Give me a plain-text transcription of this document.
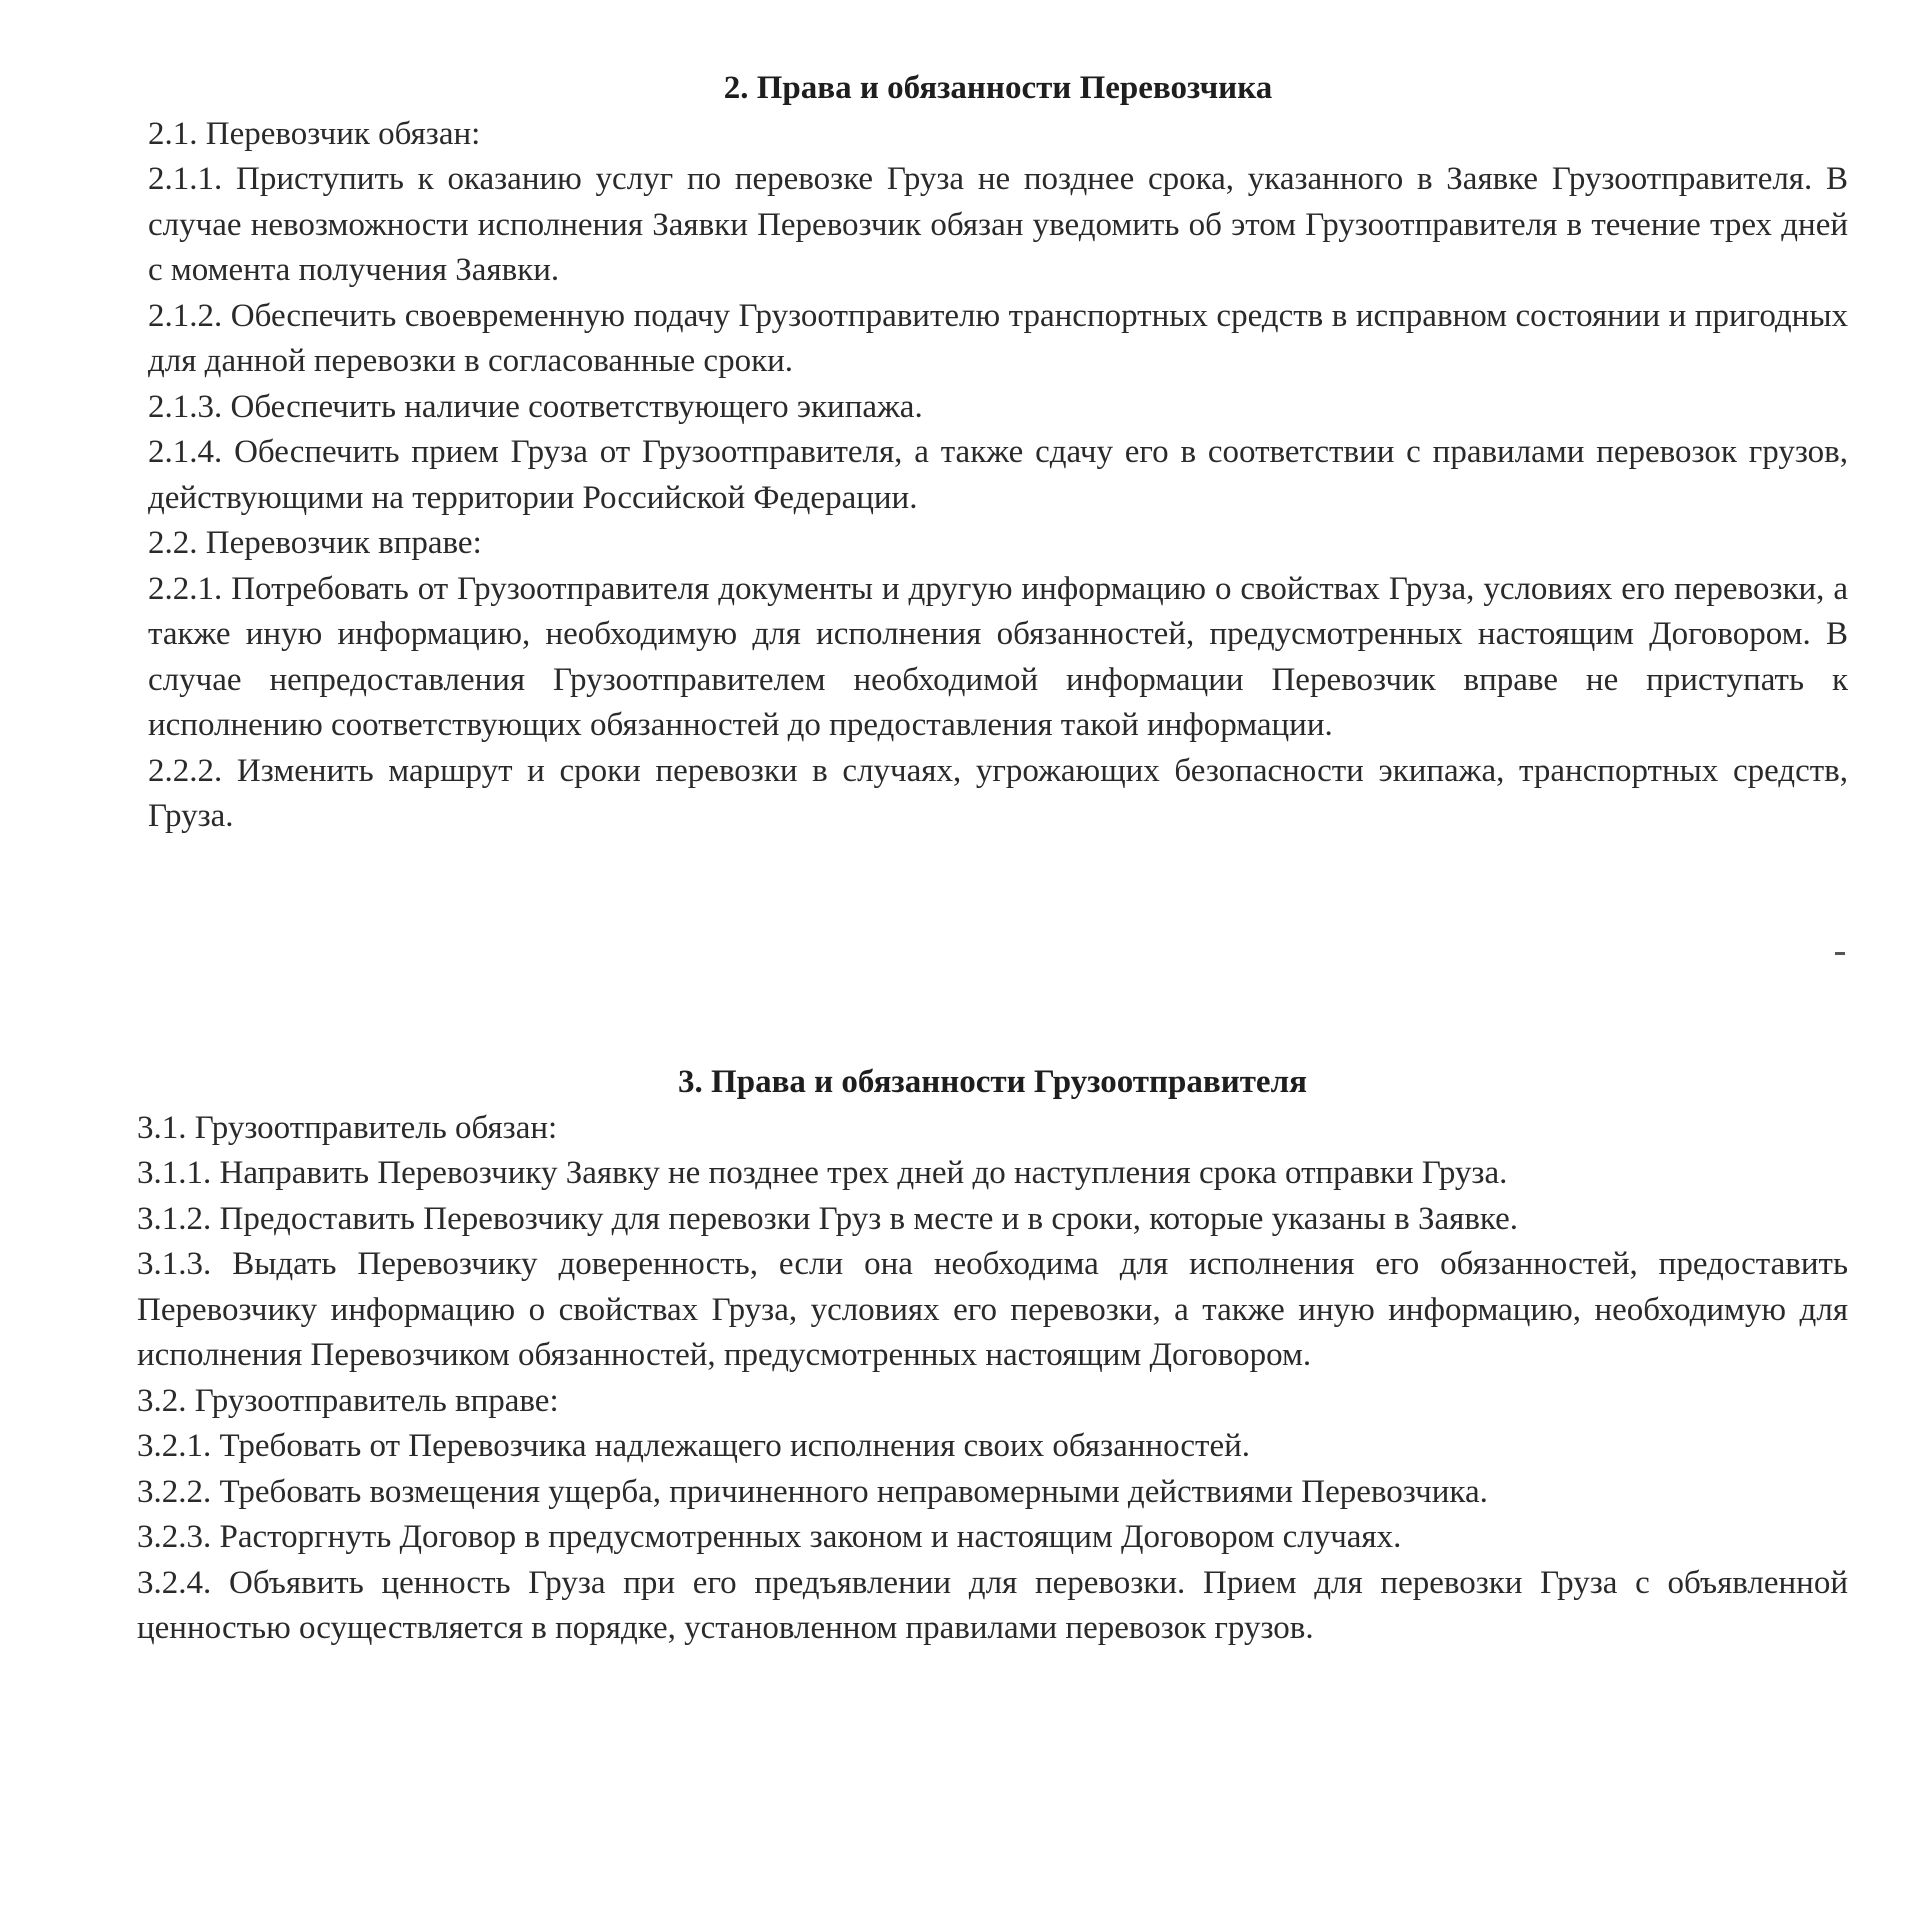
2. Права и обязанности Перевозчика

2.1. Перевозчик обязан:

2.1.1. Приступить к оказанию услуг по перевозке Груза не позднее срока, указанного в Заявке Грузоотправителя. В случае невозможности исполнения Заявки Перевозчик обязан уведомить об этом Грузоотправителя в течение трех дней с момента получения Заявки.

2.1.2. Обеспечить своевременную подачу Грузоотправителю транспортных средств в исправном состоянии и пригодных для данной перевозки в согласованные сроки.

2.1.3. Обеспечить наличие соответствующего экипажа.

2.1.4. Обеспечить прием Груза от Грузоотправителя, а также сдачу его в соответствии с правилами перевозок грузов, действующими на территории Российской Федерации.

2.2. Перевозчик вправе:

2.2.1. Потребовать от Грузоотправителя документы и другую информацию о свойствах Груза, условиях его перевозки, а также иную информацию, необходимую для исполнения обязанностей, предусмотренных настоящим Договором. В случае непредоставления Грузоотправителем необходимой информации Перевозчик вправе не приступать к исполнению соответствующих обязанностей до предоставления такой информации.

2.2.2. Изменить маршрут и сроки перевозки в случаях, угрожающих безопасности экипажа, транспортных средств, Груза.

3. Права и обязанности Грузоотправителя

3.1. Грузоотправитель обязан:

3.1.1. Направить Перевозчику Заявку не позднее трех дней до наступления срока отправки Груза.

3.1.2. Предоставить Перевозчику для перевозки Груз в месте и в сроки, которые указаны в Заявке.

3.1.3. Выдать Перевозчику доверенность, если она необходима для исполнения его обязанностей, предоставить Перевозчику информацию о свойствах Груза, условиях его перевозки, а также иную информацию, необходимую для исполнения Перевозчиком обязанностей, предусмотренных настоящим Договором.

3.2. Грузоотправитель вправе:

3.2.1. Требовать от Перевозчика надлежащего исполнения своих обязанностей.

3.2.2. Требовать возмещения ущерба, причиненного неправомерными действиями Перевозчика.

3.2.3. Расторгнуть Договор в предусмотренных законом и настоящим Договором случаях.

3.2.4. Объявить ценность Груза при его предъявлении для перевозки. Прием для перевозки Груза с объявленной ценностью осуществляется в порядке, установленном правилами перевозок грузов.
